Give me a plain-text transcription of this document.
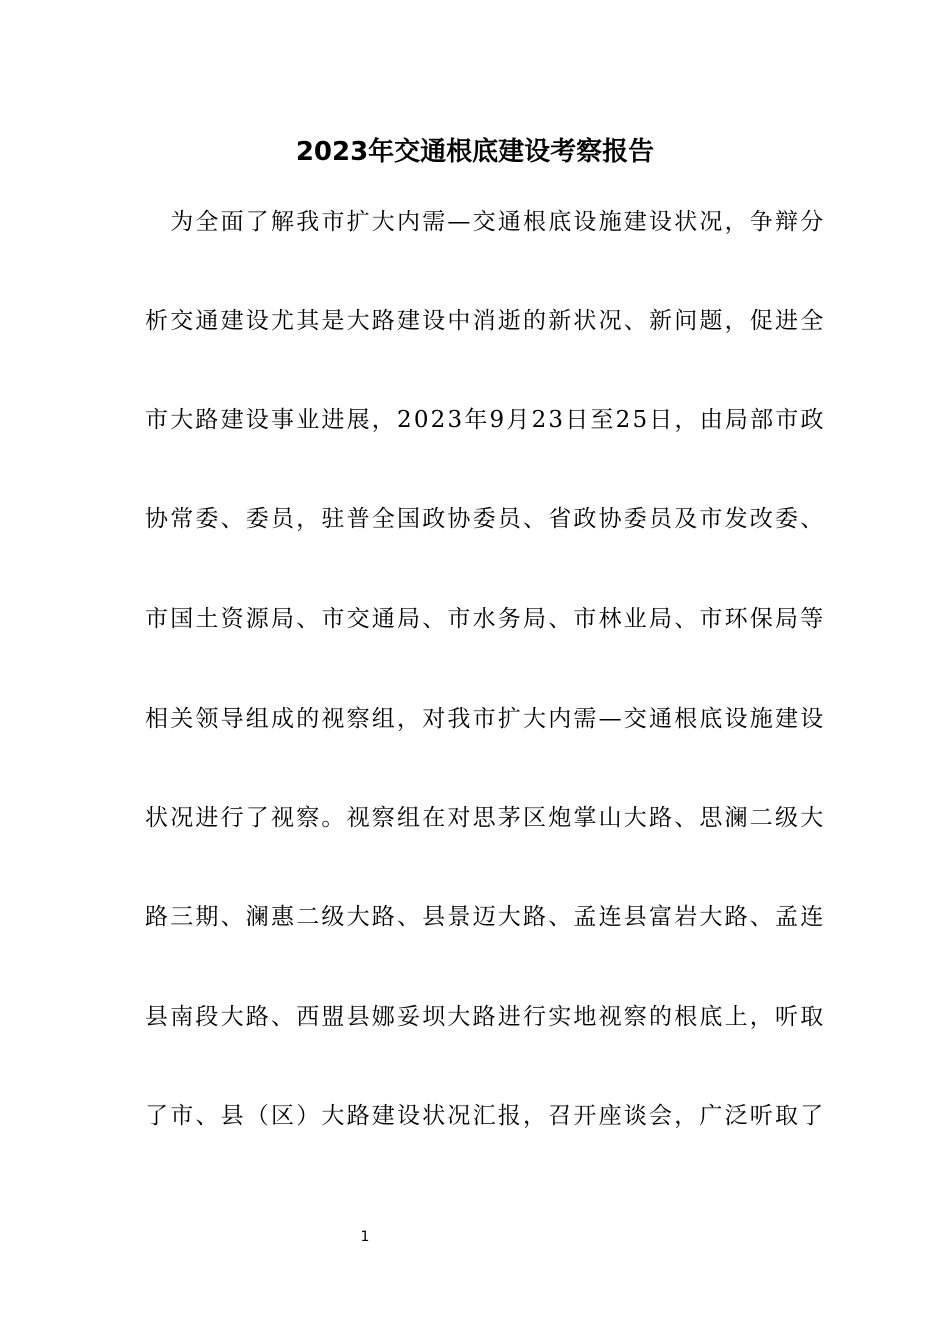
2023年交通根底建设考察报告
　为全面了解我市扩大内需—交通根底设施建设状况，争辩分
析交通建设尤其是大路建设中消逝的新状况、新问题，促进全
市大路建设事业进展，2023年9月23日至25日，由局部市政
协常委、委员，驻普全国政协委员、省政协委员及市发改委、
市国土资源局、市交通局、市水务局、市林业局、市环保局等
相关领导组成的视察组，对我市扩大内需—交通根底设施建设
状况进行了视察。视察组在对思茅区炮掌山大路、思澜二级大
路三期、澜惠二级大路、县景迈大路、孟连县富岩大路、孟连
县南段大路、西盟县娜妥坝大路进行实地视察的根底上，听取
了市、县（区）大路建设状况汇报，召开座谈会，广泛听取了
1
